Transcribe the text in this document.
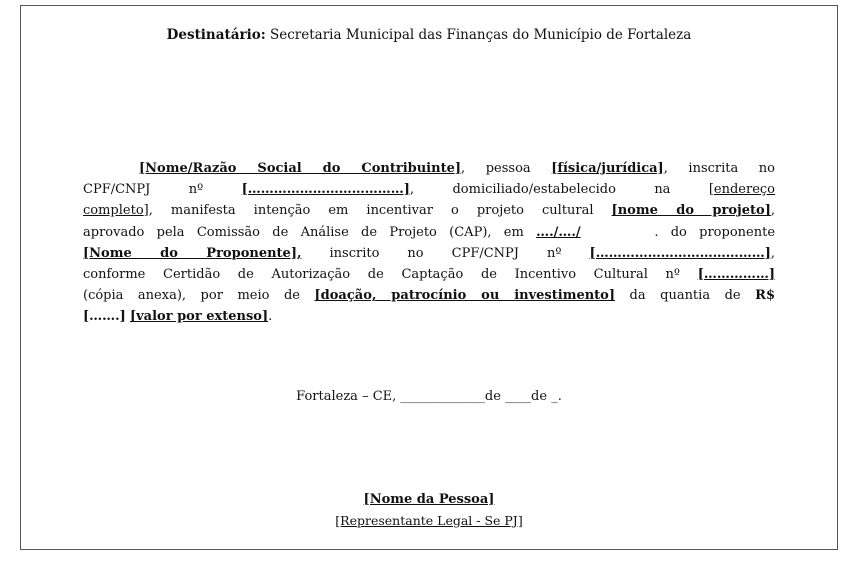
Destinatário: Secretaria Municipal das Finanças do Município de Fortaleza
[Nome/Razão Social do Contribuinte], pessoa [física/jurídica], inscrita no
CPF/CNPJ nº [………………………………], domiciliado/estabelecido na [endereço
completo], manifesta intenção em incentivar o projeto cultural [nome do projeto],
aprovado pela Comissão de Análise de Projeto (CAP), em …./…./	. do proponente
[Nome do Proponente], inscrito no CPF/CNPJ nº […………………………………],
conforme Certidão de Autorização de Captação de Incentivo Cultural nº [……………]
(cópia anexa), por meio de [doação, patrocínio ou investimento] da quantia de R$
[…….] [valor por extenso].
Fortaleza – CE, _____________de ____de _.
[Nome da Pessoa]
[Representante Legal - Se PJ]
